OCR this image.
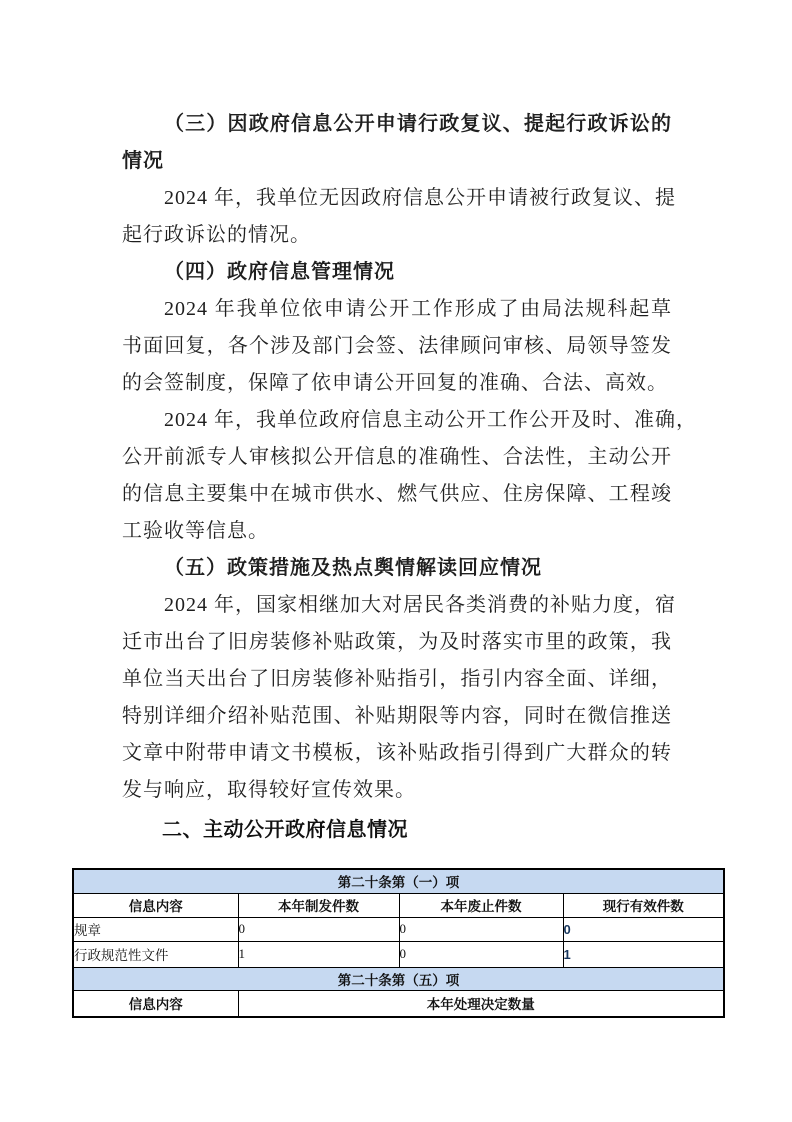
（三）因政府信息公开申请行政复议、提起行政诉讼的
情况
2024 年，我单位无因政府信息公开申请被行政复议、提
起行政诉讼的情况。
（四）政府信息管理情况
2024 年我单位依申请公开工作形成了由局法规科起草
书面回复，各个涉及部门会签、法律顾问审核、局领导签发
的会签制度，保障了依申请公开回复的准确、合法、高效。
2024 年，我单位政府信息主动公开工作公开及时、准确，
公开前派专人审核拟公开信息的准确性、合法性，主动公开
的信息主要集中在城市供水、燃气供应、住房保障、工程竣
工验收等信息。
（五）政策措施及热点舆情解读回应情况
2024 年，国家相继加大对居民各类消费的补贴力度，宿
迁市出台了旧房装修补贴政策，为及时落实市里的政策，我
单位当天出台了旧房装修补贴指引，指引内容全面、详细，
特别详细介绍补贴范围、补贴期限等内容，同时在微信推送
文章中附带申请文书模板，该补贴政指引得到广大群众的转
发与响应，取得较好宣传效果。
二、主动公开政府信息情况
第二十条第（一）项			
信息内容	本年制发件数	本年废止件数	现行有效件数
规章	0	0	0
行政规范性文件	1	0	1
第二十条第（五）项			
信息内容	本年处理决定数量		
